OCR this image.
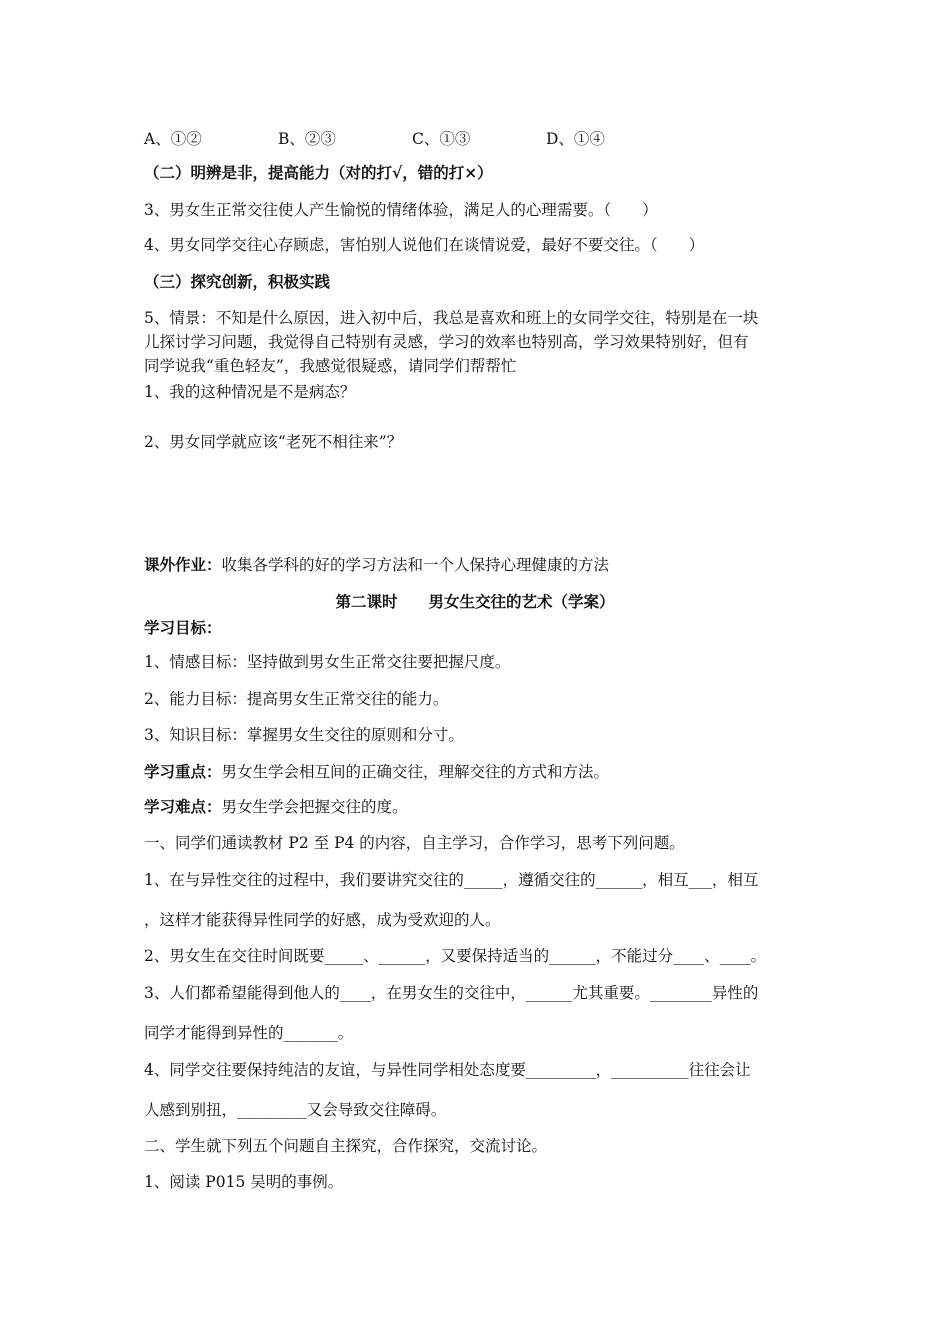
A、①②	B、②③	C、①③	D、①④
（二）明辨是非，提高能力（对的打√，错的打×）
3、男女生正常交往使人产生愉悦的情绪体验，满足人的心理需要。（　　）
4、男女同学交往心存顾虑，害怕别人说他们在谈情说爱，最好不要交往。（　　）
（三）探究创新，积极实践
5、情景：不知是什么原因，进入初中后，我总是喜欢和班上的女同学交往，特别是在一块
儿探讨学习问题，我觉得自己特别有灵感，学习的效率也特别高，学习效果特别好，但有
同学说我“重色轻友”，我感觉很疑惑，请同学们帮帮忙
1、我的这种情况是不是病态？
2、男女同学就应该“老死不相往来”？
课外作业：收集各学科的好的学习方法和一个人保持心理健康的方法
第二课时　　男女生交往的艺术（学案）
学习目标：
1、情感目标：坚持做到男女生正常交往要把握尺度。
2、能力目标：提高男女生正常交往的能力。
3、知识目标：掌握男女生交往的原则和分寸。
学习重点：男女生学会相互间的正确交往，理解交往的方式和方法。
学习难点：男女生学会把握交往的度。
一、同学们通读教材 P2 至 P4 的内容，自主学习，合作学习，思考下列问题。
1、在与异性交往的过程中，我们要讲究交往的_____，遵循交往的______，相互___，相互
，这样才能获得异性同学的好感，成为受欢迎的人。
2、男女生在交往时间既要_____、______，又要保持适当的______，不能过分____、____。
3、人们都希望能得到他人的____，在男女生的交往中，______尤其重要。________异性的
同学才能得到异性的_______。
4、同学交往要保持纯洁的友谊，与异性同学相处态度要_________，__________往往会让
人感到别扭，_________又会导致交往障碍。
二、学生就下列五个问题自主探究，合作探究，交流讨论。
1、阅读 P015 吴明的事例。
